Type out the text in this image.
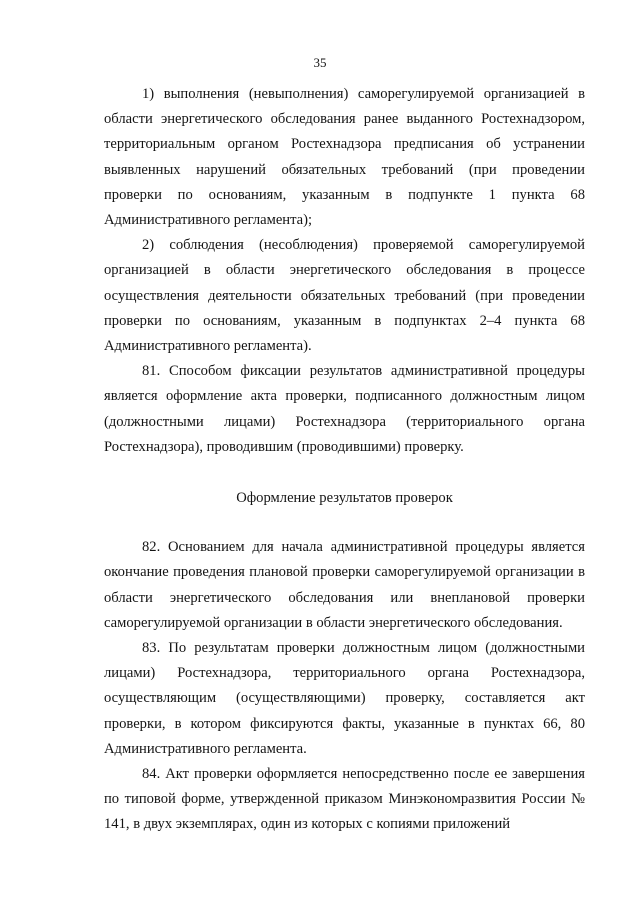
35

1) выполнения (невыполнения) саморегулируемой организацией в области энергетического обследования ранее выданного Ростехнадзором, территориальным органом Ростехнадзора предписания об устранении выявленных нарушений обязательных требований (при проведении проверки по основаниям, указанным в подпункте 1 пункта 68 Административного регламента);

2) соблюдения (несоблюдения) проверяемой саморегулируемой организацией в области энергетического обследования в процессе осуществления деятельности обязательных требований (при проведении проверки по основаниям, указанным в подпунктах 2–4 пункта 68 Административного регламента).

81. Способом фиксации результатов административной процедуры является оформление акта проверки, подписанного должностным лицом (должностными лицами) Ростехнадзора (территориального органа Ростехнадзора), проводившим (проводившими) проверку.

Оформление результатов проверок

82. Основанием для начала административной процедуры является окончание проведения плановой проверки саморегулируемой организации в области энергетического обследования или внеплановой проверки саморегулируемой организации в области энергетического обследования.

83. По результатам проверки должностным лицом (должностными лицами) Ростехнадзора, территориального органа Ростехнадзора, осуществляющим (осуществляющими) проверку, составляется акт проверки, в котором фиксируются факты, указанные в пунктах 66, 80 Административного регламента.

84. Акт проверки оформляется непосредственно после ее завершения по типовой форме, утвержденной приказом Минэкономразвития России № 141, в двух экземплярах, один из которых с копиями приложений
